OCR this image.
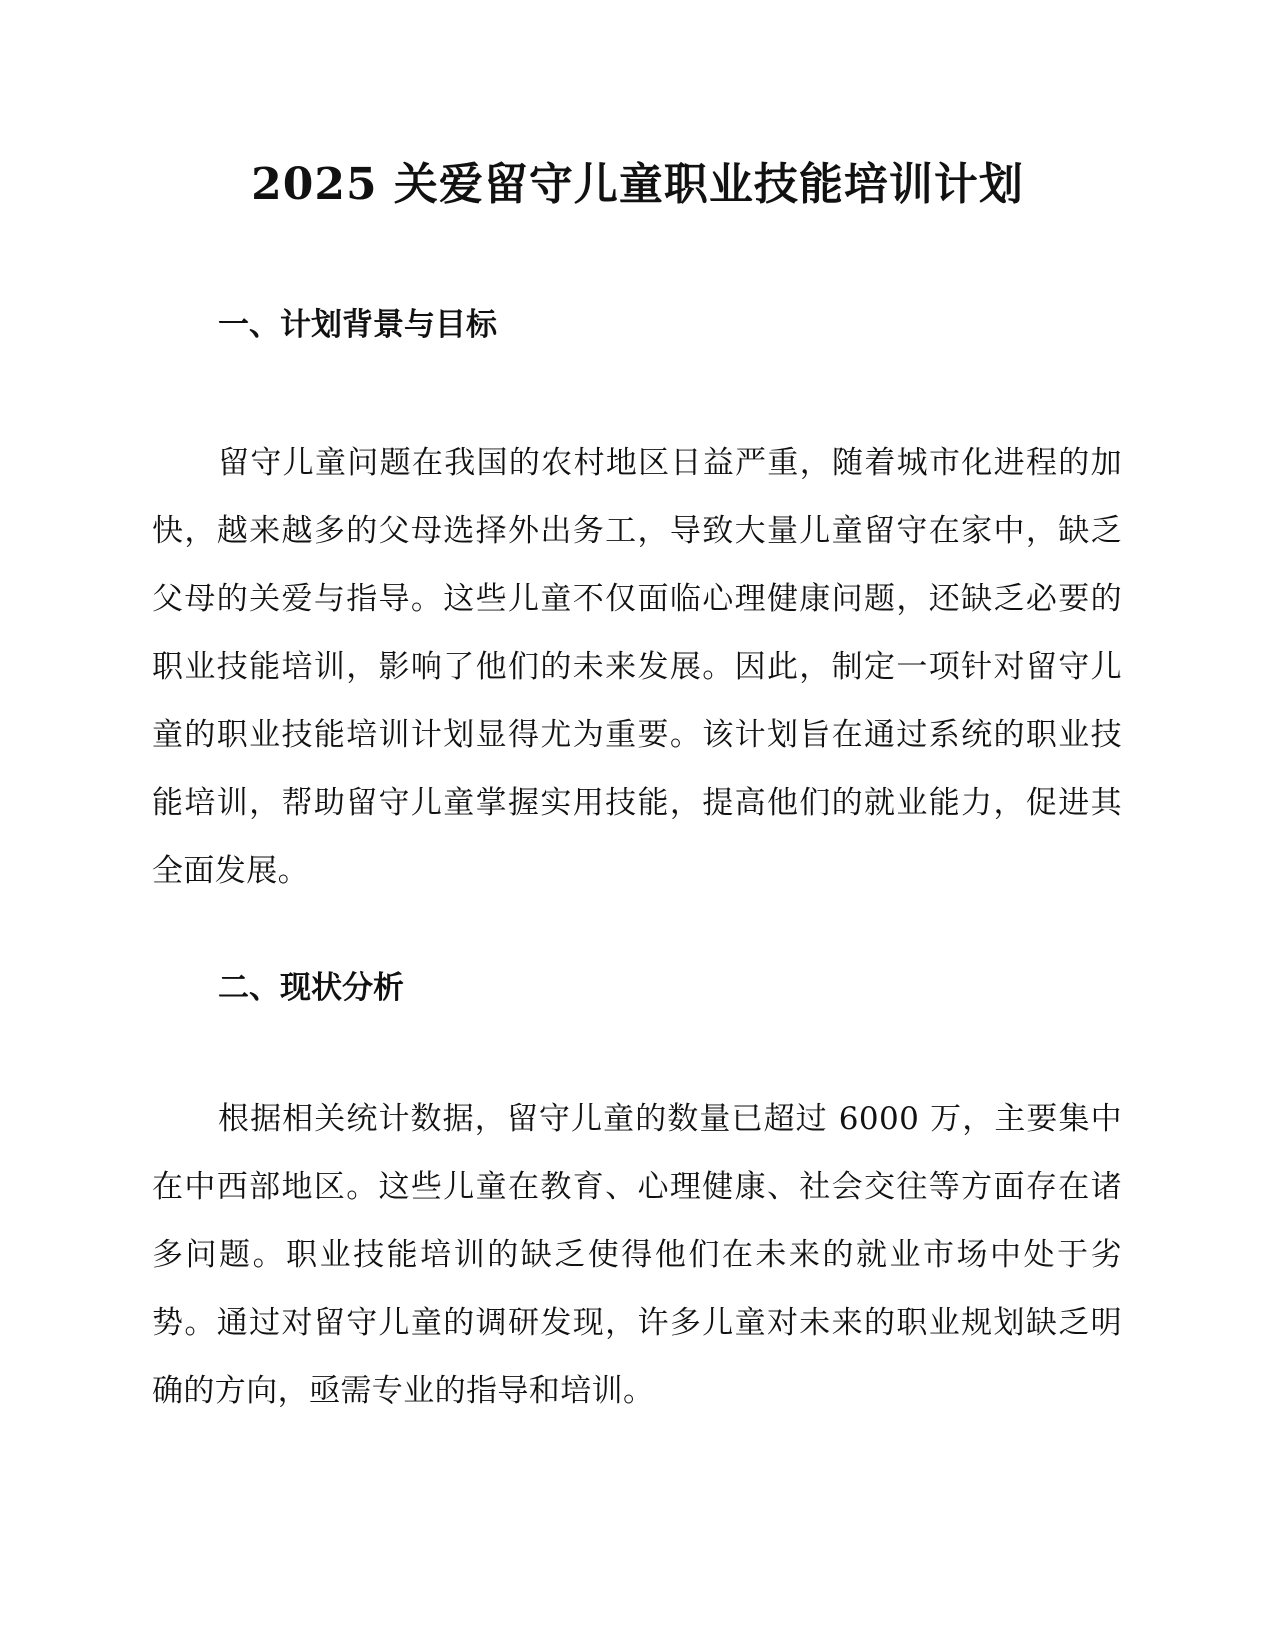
2025 关爱留守儿童职业技能培训计划
一、计划背景与目标

留守儿童问题在我国的农村地区日益严重，随着城市化进程的加快，越来越多的父母选择外出务工，导致大量儿童留守在家中，缺乏父母的关爱与指导。这些儿童不仅面临心理健康问题，还缺乏必要的职业技能培训，影响了他们的未来发展。因此，制定一项针对留守儿童的职业技能培训计划显得尤为重要。该计划旨在通过系统的职业技能培训，帮助留守儿童掌握实用技能，提高他们的就业能力，促进其全面发展。

二、现状分析

根据相关统计数据，留守儿童的数量已超过 6000 万，主要集中在中西部地区。这些儿童在教育、心理健康、社会交往等方面存在诸多问题。职业技能培训的缺乏使得他们在未来的就业市场中处于劣势。通过对留守儿童的调研发现，许多儿童对未来的职业规划缺乏明确的方向，亟需专业的指导和培训。
